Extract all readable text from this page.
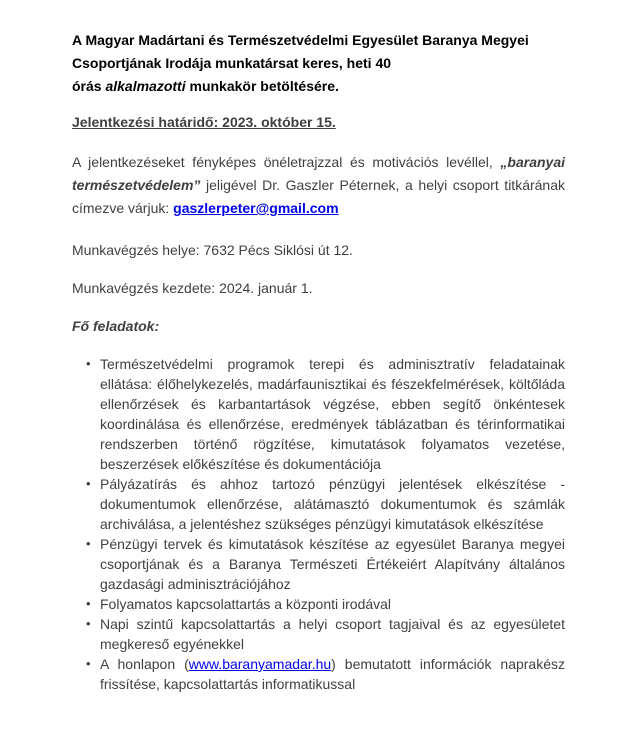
A Magyar Madártani és Természetvédelmi Egyesület Baranya Megyei Csoportjának Irodája munkatársat keres, heti 40
órás alkalmazotti munkakör betöltésére.

Jelentkezési határidő: 2023. október 15.

A jelentkezéseket fényképes önéletrajzzal és motivációs levéllel, „baranyai természetvédelem” jeligével Dr. Gaszler Péternek, a helyi csoport titkárának címezve várjuk: gaszlerpeter@gmail.com

Munkavégzés helye: 7632 Pécs Siklósi út 12.

Munkavégzés kezdete: 2024. január 1.

Fő feladatok:

• Természetvédelmi programok terepi és adminisztratív feladatainak ellátása: élőhelykezelés, madárfaunisztikai és fészekfelmérések, költőláda ellenőrzések és karbantartások végzése, ebben segítő önkéntesek koordinálása és ellenőrzése, eredmények táblázatban és térinformatikai rendszerben történő rögzítése, kimutatások folyamatos vezetése, beszerzések előkészítése és dokumentációja
• Pályázatírás és ahhoz tartozó pénzügyi jelentések elkészítése - dokumentumok ellenőrzése, alátámasztó dokumentumok és számlák archiválása, a jelentéshez szükséges pénzügyi kimutatások elkészítése
• Pénzügyi tervek és kimutatások készítése az egyesület Baranya megyei csoportjának és a Baranya Természeti Értékeiért Alapítvány általános gazdasági adminisztrációjához
• Folyamatos kapcsolattartás a központi irodával
• Napi szintű kapcsolattartás a helyi csoport tagjaival és az egyesületet megkereső egyénekkel
• A honlapon (www.baranyamadar.hu) bemutatott információk naprakész frissítése, kapcsolattartás informatikussal
